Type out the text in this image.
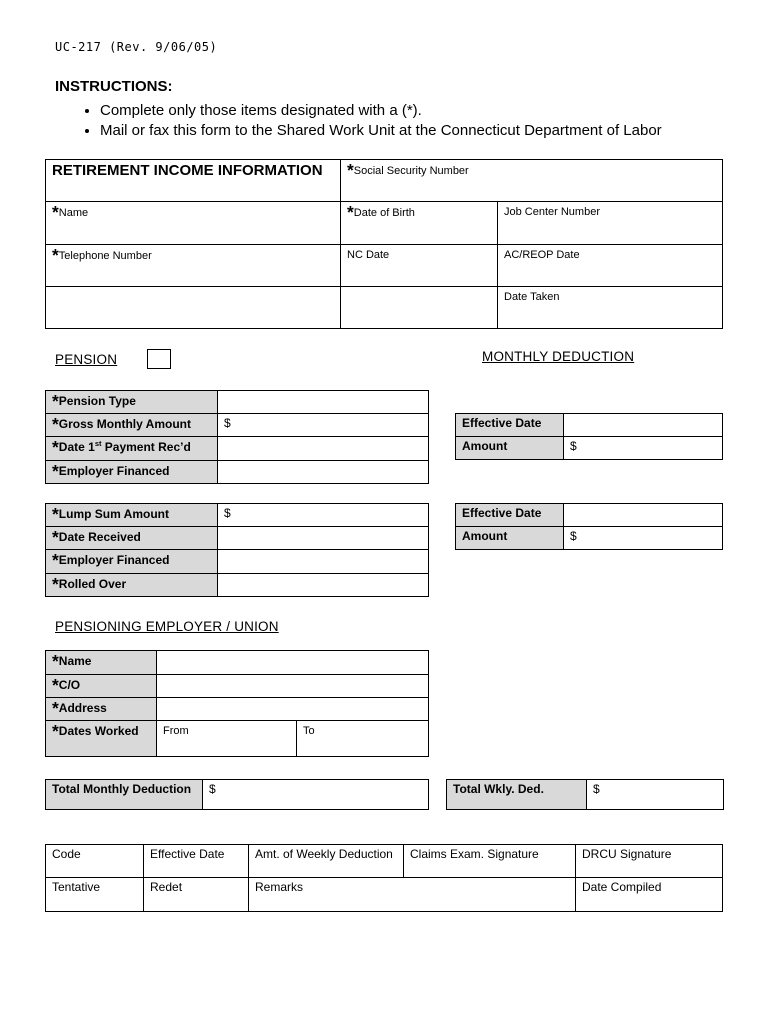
UC-217 (Rev. 9/06/05)
INSTRUCTIONS:
• Complete only those items designated with a (*).
• Mail or fax this form to the Shared Work Unit at the Connecticut Department of Labor
RETIREMENT INCOME INFORMATION	*Social Security Number	
*Name	*Date of Birth	Job Center Number
*Telephone Number	NC Date	AC/REOP Date
		Date Taken
PENSION	MONTHLY DEDUCTION
*Pension Type	
*Gross Monthly Amount	$
*Date 1st Payment Rec’d	
*Employer Financed	
*Lump Sum Amount	$
*Date Received	
*Employer Financed	
*Rolled Over	
Effective Date	
Amount	$
Effective Date	
Amount	$
PENSIONING EMPLOYER / UNION
*Name		
*C/O		
*Address		
*Dates Worked	From	To
Total Monthly Deduction	$	Total Wkly. Ded.	$
Code	Effective Date	Amt. of Weekly Deduction	Claims Exam. Signature	DRCU Signature
Tentative	Redet	Remarks		Date Compiled
